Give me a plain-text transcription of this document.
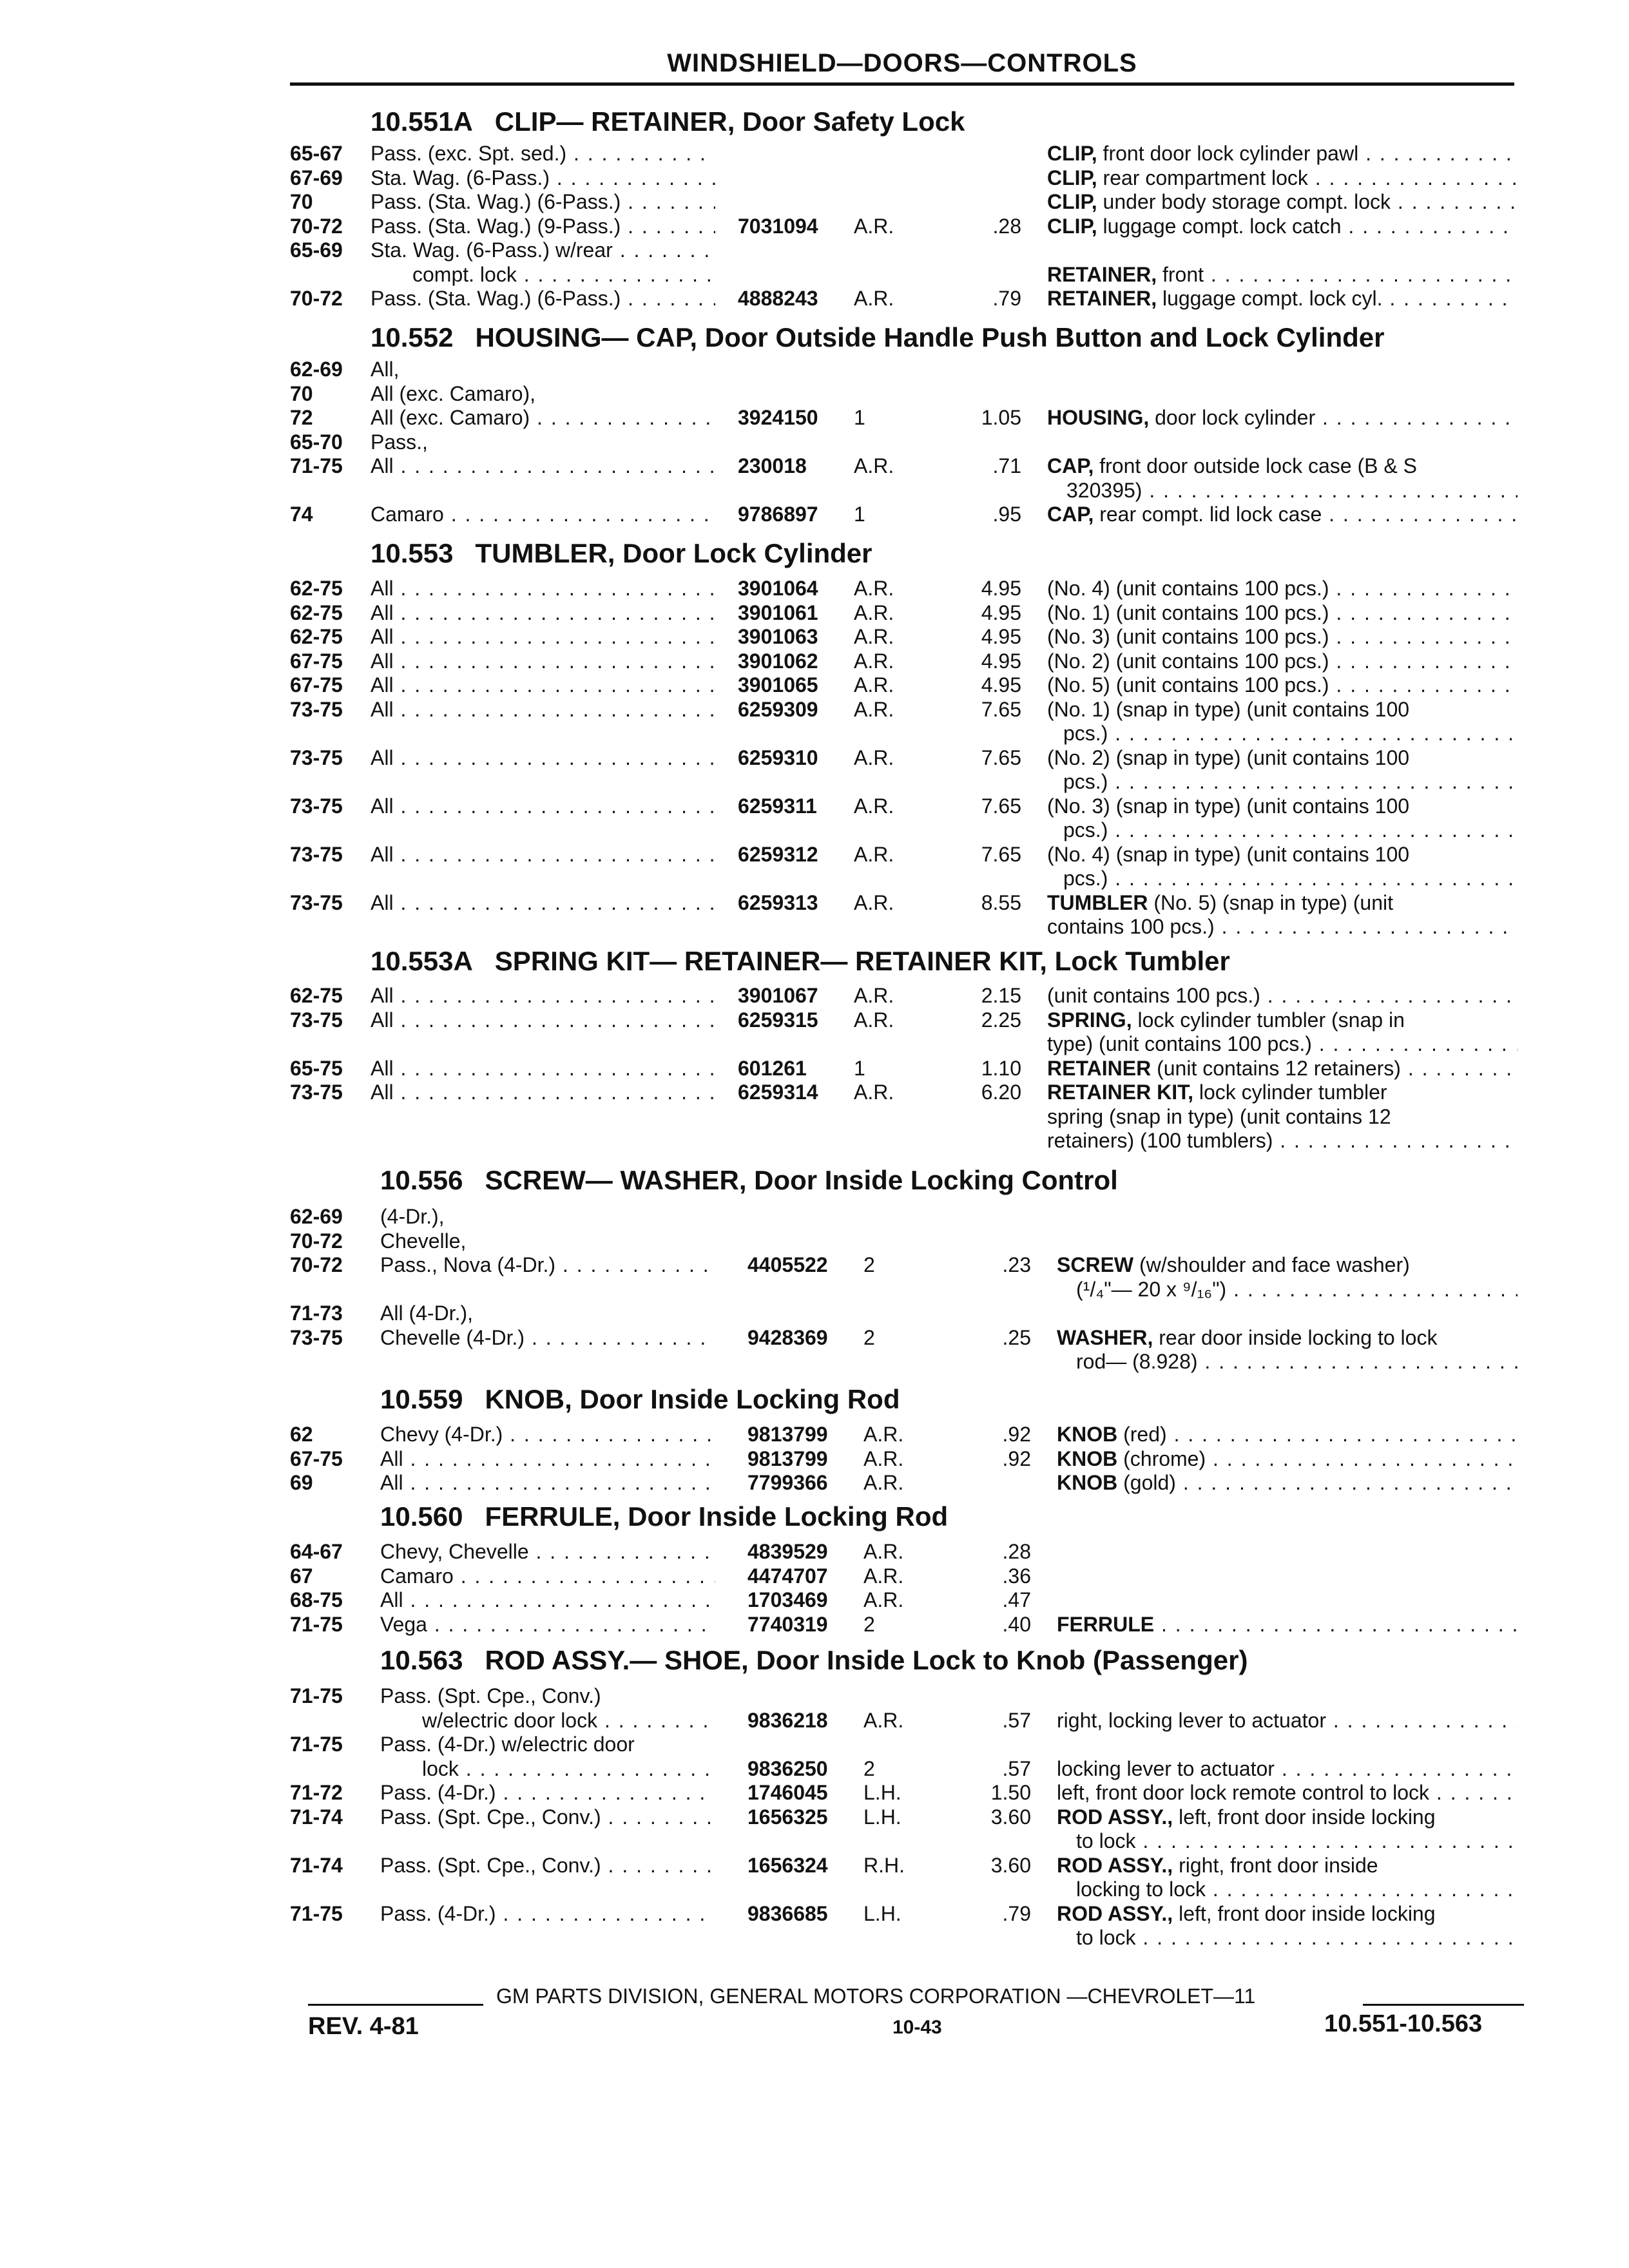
WINDSHIELD—DOORS—CONTROLS
10.551A CLIP— RETAINER, Door Safety Lock
65-67 Pass. (exc. Spt. sed.) . . .	CLIP, front door lock cylinder pawl . . .
67-69 Sta. Wag. (6-Pass.) . . .	CLIP, rear compartment lock . . .
70	Pass. (Sta. Wag.) (6-Pass.) . . .	CLIP, under body storage compt. lock . . .
70-72 Pass. (Sta. Wag.) (9-Pass.) . . .	7031094 A.R.	.28 CLIP, luggage compt. lock catch . . .
65-69 Sta. Wag. (6-Pass.) w/rear . . .
compt. lock . . .	RETAINER, front . . .
70-72 Pass. (Sta. Wag.) (6-Pass.) . . .	4888243 A.R.	.79 RETAINER, luggage compt. lock cyl. . . .
10.552 HOUSING— CAP, Door Outside Handle Push Button and Lock Cylinder
62-69 All,
70	All (exc. Camaro),
72	All (exc. Camaro) . . .	3924150 1	1.05 HOUSING, door lock cylinder . . .
65-70 Pass.,
71-75 All . . .	230018 A.R.	.71 CAP, front door outside lock case (B & S
320395) . . .
74	Camaro . . .	9786897 1	.95 CAP, rear compt. lid lock case . . .
10.553 TUMBLER, Door Lock Cylinder
62-75 All . . .	3901064 A.R.	4.95 (No. 4) (unit contains 100 pcs.) . . .
62-75 All . . .	3901061 A.R.	4.95 (No. 1) (unit contains 100 pcs.) . . .
62-75 All . . .	3901063 A.R.	4.95 (No. 3) (unit contains 100 pcs.) . . .
67-75 All . . .	3901062 A.R.	4.95 (No. 2) (unit contains 100 pcs.) . . .
67-75 All . . .	3901065 A.R.	4.95 (No. 5) (unit contains 100 pcs.) . . .
73-75 All . . .	6259309 A.R.	7.65 (No. 1) (snap in type) (unit contains 100
pcs.) . . .
73-75 All . . .	6259310 A.R.	7.65 (No. 2) (snap in type) (unit contains 100
pcs.) . . .
73-75 All . . .	6259311 A.R.	7.65 (No. 3) (snap in type) (unit contains 100
pcs.) . . .
73-75 All . . .	6259312 A.R.	7.65 (No. 4) (snap in type) (unit contains 100
pcs.) . . .
73-75 All . . .	6259313 A.R.	8.55 TUMBLER (No. 5) (snap in type) (unit
contains 100 pcs.) . . .
10.553A SPRING KIT— RETAINER— RETAINER KIT, Lock Tumbler
62-75 All . . .	3901067 A.R.	2.15 (unit contains 100 pcs.) . . .
73-75 All . . .	6259315 A.R.	2.25 SPRING, lock cylinder tumbler (snap in
type) (unit contains 100 pcs.) . . .
65-75 All . . .	601261 1	1.10 RETAINER (unit contains 12 retainers) . . .
73-75 All . . .	6259314 A.R.	6.20 RETAINER KIT, lock cylinder tumbler
spring (snap in type) (unit contains 12
retainers) (100 tumblers) . . .
10.556 SCREW— WASHER, Door Inside Locking Control
62-69 (4-Dr.),
70-72 Chevelle,
70-72 Pass., Nova (4-Dr.) . . .	4405522 2	.23 SCREW (w/shoulder and face washer)
(¹/₄"— 20 x ⁹/₁₆") . . .
71-73 All (4-Dr.),
73-75 Chevelle (4-Dr.) . . .	9428369 2	.25 WASHER, rear door inside locking to lock
rod— (8.928) . . .
10.559 KNOB, Door Inside Locking Rod
62	Chevy (4-Dr.) . . .	9813799 A.R.	.92 KNOB (red) . . .
67-75 All . . .	9813799 A.R.	.92 KNOB (chrome) . . .
69	All . . .	7799366 A.R.	KNOB (gold) . . .
10.560 FERRULE, Door Inside Locking Rod
64-67 Chevy, Chevelle . . .	4839529 A.R.	.28
67	Camaro . . .	4474707 A.R.	.36
68-75 All . . .	1703469 A.R.	.47
71-75 Vega . . .	7740319 2	.40 FERRULE . . .
10.563 ROD ASSY.— SHOE, Door Inside Lock to Knob (Passenger)
71-75 Pass. (Spt. Cpe., Conv.)
w/electric door lock . . .	9836218 A.R.	.57 right, locking lever to actuator . . .
71-75 Pass. (4-Dr.) w/electric door
lock . . .	9836250 2	.57 locking lever to actuator . . .
71-72 Pass. (4-Dr.) . . .	1746045 L.H.	1.50 left, front door lock remote control to lock . . .
71-74 Pass. (Spt. Cpe., Conv.) . . .	1656325 L.H.	3.60 ROD ASSY., left, front door inside locking
to lock . . .
71-74 Pass. (Spt. Cpe., Conv.) . . .	1656324 R.H.	3.60 ROD ASSY., right, front door inside
locking to lock . . .
71-75 Pass. (4-Dr.) . . .	9836685 L.H.	.79 ROD ASSY., left, front door inside locking
to lock . . .
GM PARTS DIVISION, GENERAL MOTORS CORPORATION —CHEVROLET—11
REV. 4-81	10-43	10.551-10.563
